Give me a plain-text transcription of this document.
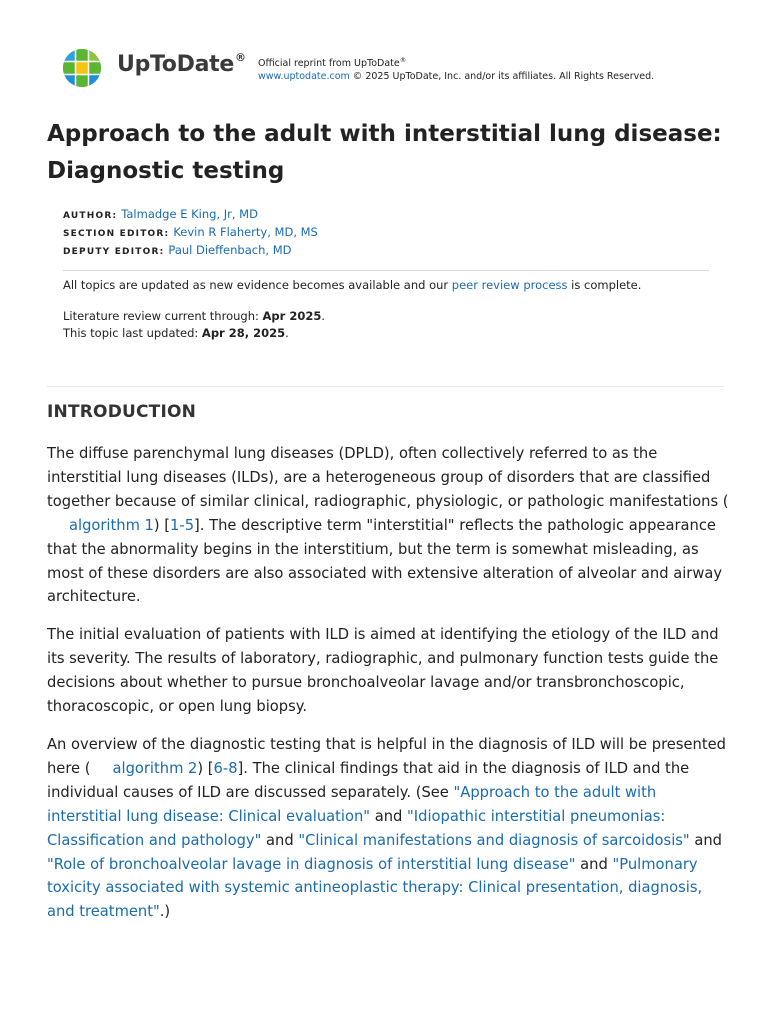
UpToDate® Official reprint from UpToDate®
www.uptodate.com © 2025 UpToDate, Inc. and/or its affiliates. All Rights Reserved.
Approach to the adult with interstitial lung disease: Diagnostic testing
AUTHOR: Talmadge E King, Jr, MD
SECTION EDITOR: Kevin R Flaherty, MD, MS
DEPUTY EDITOR: Paul Dieffenbach, MD

All topics are updated as new evidence becomes available and our peer review process is complete.

Literature review current through: Apr 2025.

This topic last updated: Apr 28, 2025.

INTRODUCTION

The diffuse parenchymal lung diseases (DPLD), often collectively referred to as the interstitial lung diseases (ILDs), are a heterogeneous group of disorders that are classified together because of similar clinical, radiographic, physiologic, or pathologic manifestations (algorithm 1) [1-5]. The descriptive term "interstitial" reflects the pathologic appearance that the abnormality begins in the interstitium, but the term is somewhat misleading, as most of these disorders are also associated with extensive alteration of alveolar and airway architecture.

The initial evaluation of patients with ILD is aimed at identifying the etiology of the ILD and its severity. The results of laboratory, radiographic, and pulmonary function tests guide the decisions about whether to pursue bronchoalveolar lavage and/or transbronchoscopic, thoracoscopic, or open lung biopsy.

An overview of the diagnostic testing that is helpful in the diagnosis of ILD will be presented here ( algorithm 2) [6-8]. The clinical findings that aid in the diagnosis of ILD and the individual causes of ILD are discussed separately. (See "Approach to the adult with interstitial lung disease: Clinical evaluation" and "Idiopathic interstitial pneumonias: Classification and pathology" and "Clinical manifestations and diagnosis of sarcoidosis" and "Role of bronchoalveolar lavage in diagnosis of interstitial lung disease" and "Pulmonary toxicity associated with systemic antineoplastic therapy: Clinical presentation, diagnosis, and treatment".)
